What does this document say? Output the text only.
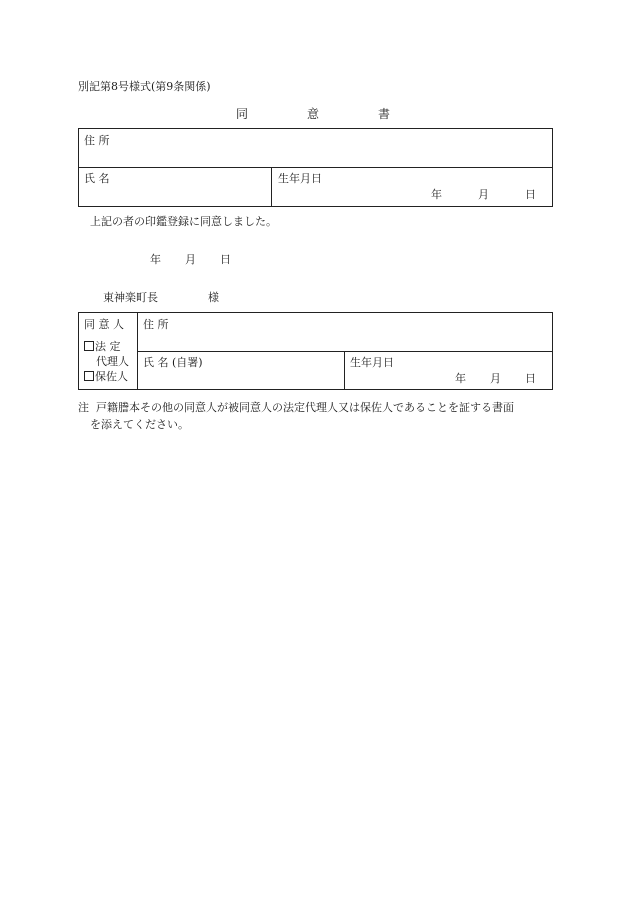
別記第8号様式(第9条関係)
同	意	書
住 所
氏 名	生年月日
年	月	日
上記の者の印鑑登録に同意しました。
年 月 日
東神楽町長	様
同 意 人
法 定
代理人
保佐人
住 所
氏 名 (自署)	生年月日
年 月 日
注  戸籍謄本その他の同意人が被同意人の法定代理人又は保佐人であることを証する書面
を添えてください。
